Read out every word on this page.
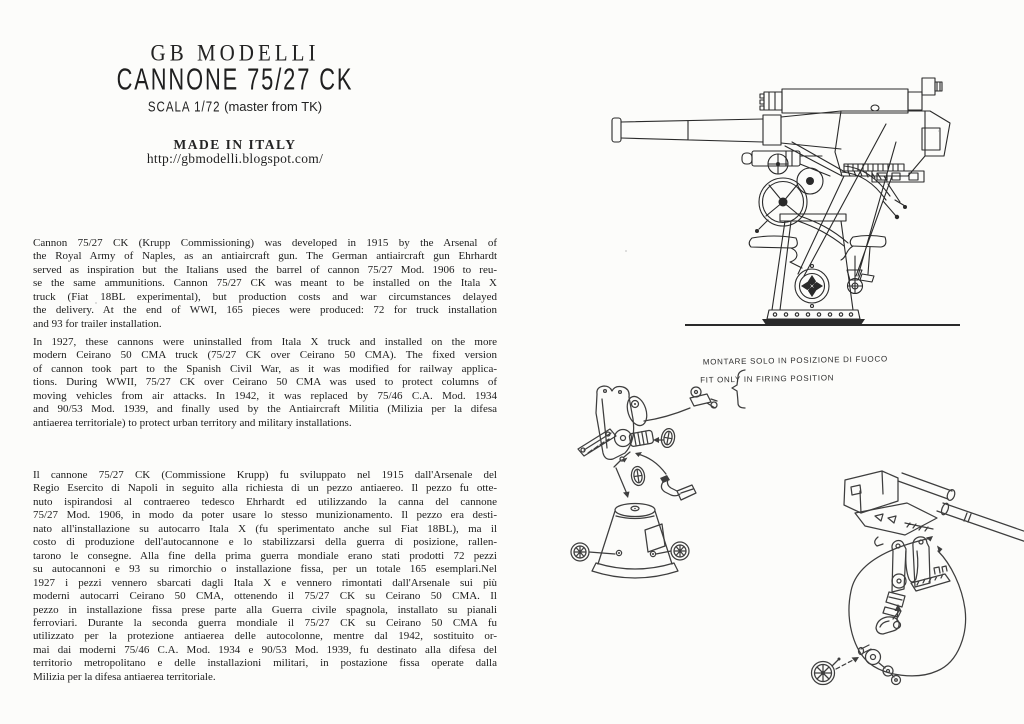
GB MODELLI
CANNONE 75/27 CK
SCALA 1/72 (master from TK)
MADE IN ITALY
http://gbmodelli.blogspot.com/
Cannon 75/27 CK (Krupp Commissioning) was developed in 1915 by the Arsenal of
the Royal Army of Naples, as an antiaircraft gun. The German antiaircraft gun Ehrhardt
served as inspiration but the Italians used the barrel of cannon 75/27 Mod. 1906 to reu-
se the same ammunitions. Cannon 75/27 CK was meant to be installed on the Itala X
truck (Fiat 18BL experimental), but production costs and war circumstances delayed
the delivery. At the end of WWI, 165 pieces were produced: 72 for truck installation
and 93 for trailer installation.
In 1927, these cannons were uninstalled from Itala X truck and installed on the more
modern Ceirano 50 CMA truck (75/27 CK over Ceirano 50 CMA). The fixed version
of cannon took part to the Spanish Civil War, as it was modified for railway applica-
tions. During WWII, 75/27 CK over Ceirano 50 CMA was used to protect columns of
moving vehicles from air attacks. In 1942, it was replaced by 75/46 C.A. Mod. 1934
and 90/53 Mod. 1939, and finally used by the Antiaircraft Militia (Milizia per la difesa
antiaerea territoriale) to protect urban territory and military installations.
Il cannone 75/27 CK (Commissione Krupp) fu sviluppato nel 1915 dall'Arsenale del
Regio Esercito di Napoli in seguito alla richiesta di un pezzo antiaereo. Il pezzo fu otte-
nuto ispirandosi al contraereo tedesco Ehrhardt ed utilizzando la canna del cannone
75/27 Mod. 1906, in modo da poter usare lo stesso munizionamento. Il pezzo era desti-
nato all'installazione su autocarro Itala X (fu sperimentato anche sul Fiat 18BL), ma il
costo di produzione dell'autocannone e lo stabilizzarsi della guerra di posizione, rallen-
tarono le consegne. Alla fine della prima guerra mondiale erano stati prodotti 72 pezzi
su autocannoni e 93 su rimorchio o installazione fissa, per un totale 165 esemplari.Nel
1927 i pezzi vennero sbarcati dagli Itala X e vennero rimontati dall'Arsenale sui più
moderni autocarri Ceirano 50 CMA, ottenendo il 75/27 CK su Ceirano 50 CMA. Il
pezzo in installazione fissa prese parte alla Guerra civile spagnola, installato su pianali
ferroviari. Durante la seconda guerra mondiale il 75/27 CK su Ceirano 50 CMA fu
utilizzato per la protezione antiaerea delle autocolonne, mentre dal 1942, sostituito or-
mai dai moderni 75/46 C.A. Mod. 1934 e 90/53 Mod. 1939, fu destinato alla difesa del
territorio metropolitano e delle installazioni militari, in postazione fissa operate dalla
Milizia per la difesa antiaerea territoriale.
MONTARE SOLO IN POSIZIONE DI FUOCO
FIT ONLY IN FIRING POSITION
